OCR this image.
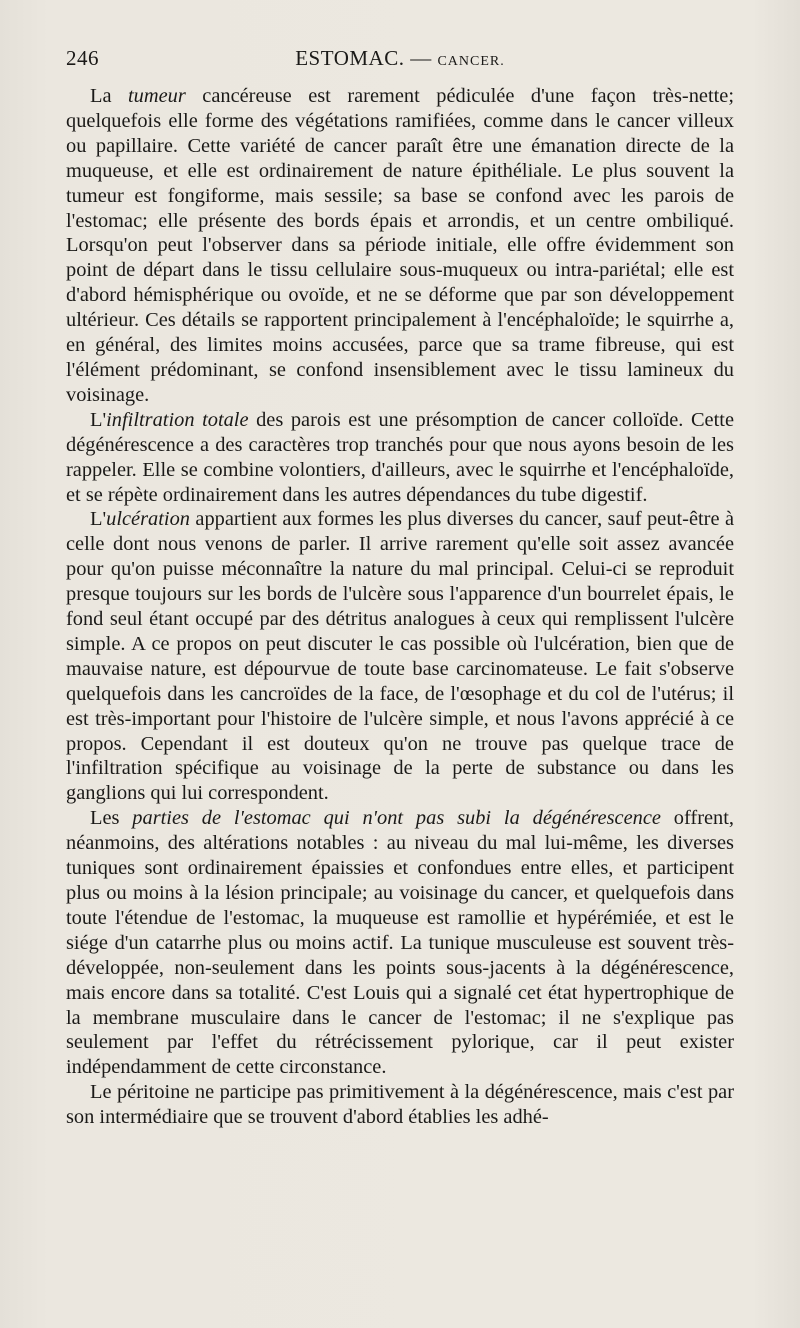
246	ESTOMAC. — CANCER.

La tumeur cancéreuse est rarement pédiculée d'une façon très-nette; quelquefois elle forme des végétations ramifiées, comme dans le cancer villeux ou papillaire. Cette variété de cancer paraît être une émanation directe de la muqueuse, et elle est ordinairement de nature épithéliale. Le plus souvent la tumeur est fongiforme, mais sessile; sa base se confond avec les parois de l'estomac; elle présente des bords épais et arrondis, et un centre ombiliqué. Lorsqu'on peut l'observer dans sa période initiale, elle offre évidemment son point de départ dans le tissu cellulaire sous-muqueux ou intra-pariétal; elle est d'abord hémisphérique ou ovoïde, et ne se déforme que par son développement ultérieur. Ces détails se rapportent principalement à l'encéphaloïde; le squirrhe a, en général, des limites moins accusées, parce que sa trame fibreuse, qui est l'élément prédominant, se confond insensiblement avec le tissu lamineux du voisinage.

L'infiltration totale des parois est une présomption de cancer colloïde. Cette dégénérescence a des caractères trop tranchés pour que nous ayons besoin de les rappeler. Elle se combine volontiers, d'ailleurs, avec le squirrhe et l'encéphaloïde, et se répète ordinairement dans les autres dépendances du tube digestif.

L'ulcération appartient aux formes les plus diverses du cancer, sauf peut-être à celle dont nous venons de parler. Il arrive rarement qu'elle soit assez avancée pour qu'on puisse méconnaître la nature du mal principal. Celui-ci se reproduit presque toujours sur les bords de l'ulcère sous l'apparence d'un bourrelet épais, le fond seul étant occupé par des détritus analogues à ceux qui remplissent l'ulcère simple. A ce propos on peut discuter le cas possible où l'ulcération, bien que de mauvaise nature, est dépourvue de toute base carcinomateuse. Le fait s'observe quelquefois dans les cancroïdes de la face, de l'œsophage et du col de l'utérus; il est très-important pour l'histoire de l'ulcère simple, et nous l'avons apprécié à ce propos. Cependant il est douteux qu'on ne trouve pas quelque trace de l'infiltration spécifique au voisinage de la perte de substance ou dans les ganglions qui lui correspondent.

Les parties de l'estomac qui n'ont pas subi la dégénérescence offrent, néanmoins, des altérations notables : au niveau du mal lui-même, les diverses tuniques sont ordinairement épaissies et confondues entre elles, et participent plus ou moins à la lésion principale; au voisinage du cancer, et quelquefois dans toute l'étendue de l'estomac, la muqueuse est ramollie et hypérémiée, et est le siége d'un catarrhe plus ou moins actif. La tunique musculeuse est souvent très-développée, non-seulement dans les points sous-jacents à la dégénérescence, mais encore dans sa totalité. C'est Louis qui a signalé cet état hypertrophique de la membrane musculaire dans le cancer de l'estomac; il ne s'explique pas seulement par l'effet du rétrécissement pylorique, car il peut exister indépendamment de cette circonstance.

Le péritoine ne participe pas primitivement à la dégénérescence, mais c'est par son intermédiaire que se trouvent d'abord établies les adhé-
